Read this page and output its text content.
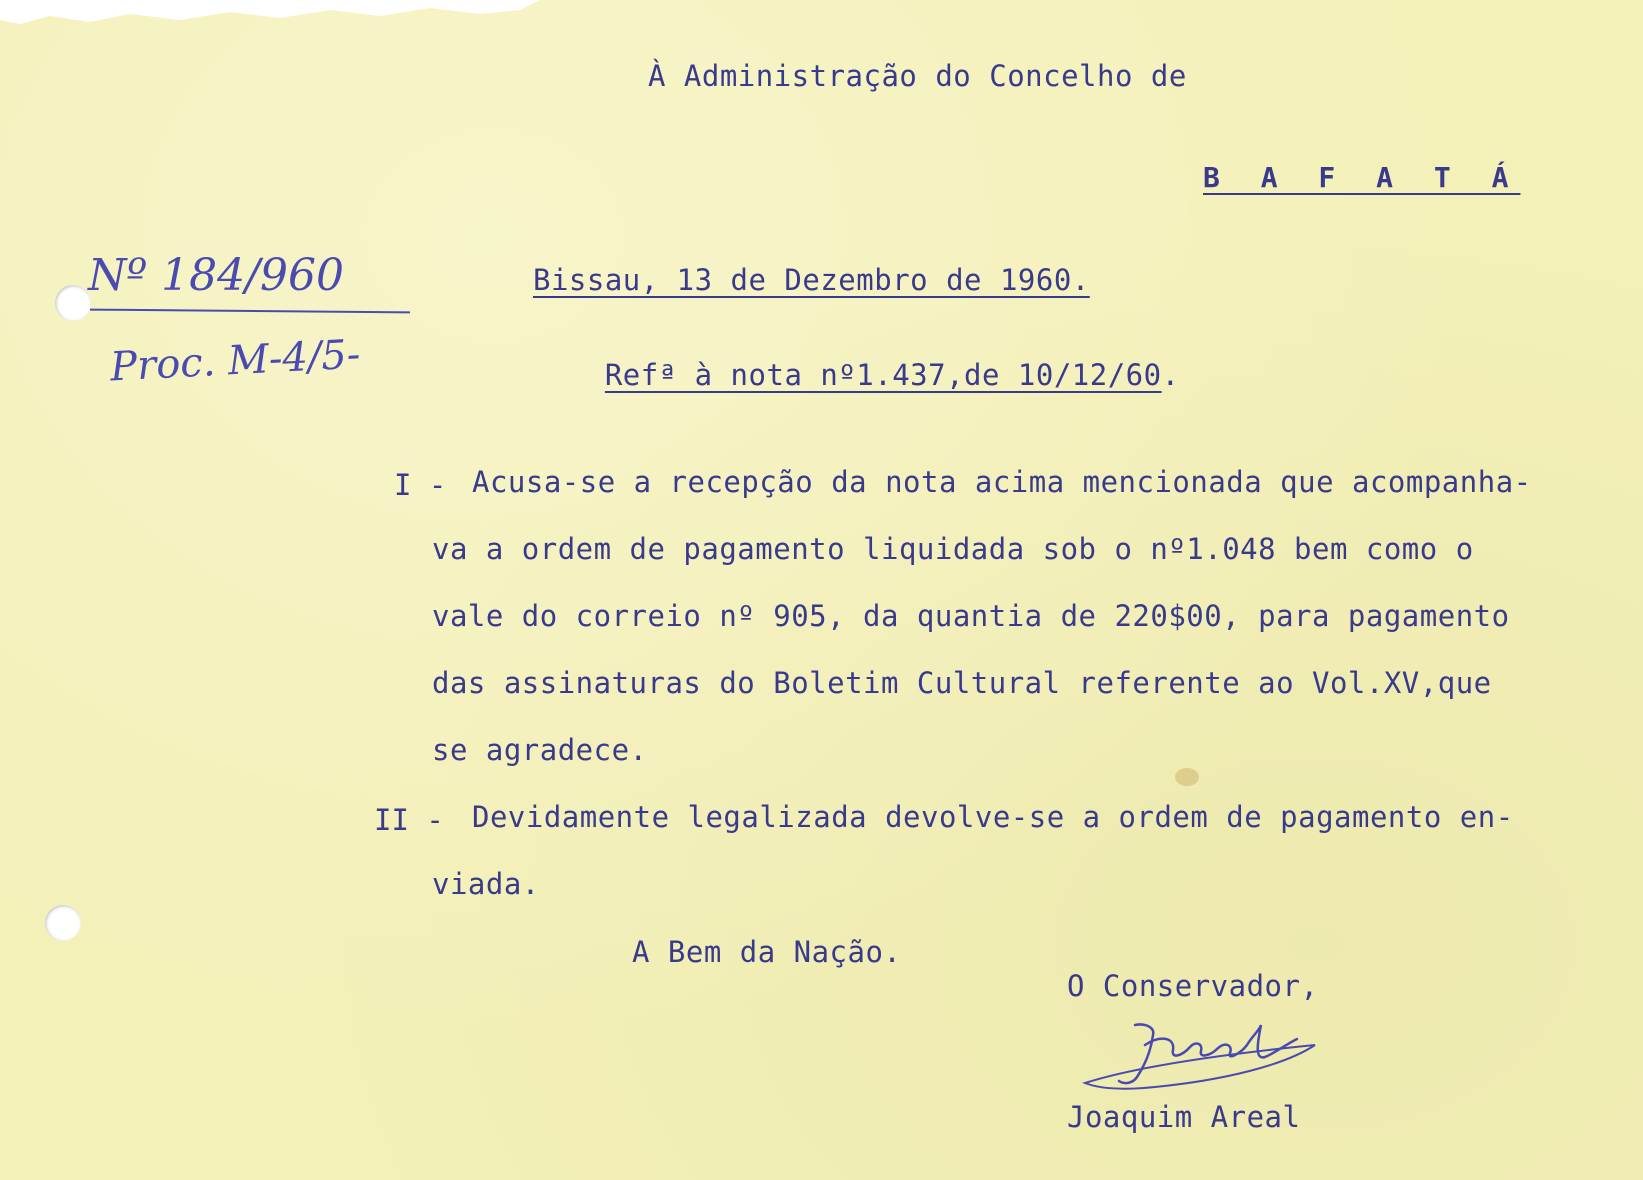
À Administração do Concelho de
B A F A T Á
Nº 184/960
Proc. M-4/5-
Bissau, 13 de Dezembro de 1960.

Refª à nota nº1.437,de 10/12/60.

I - Acusa-se a recepção da nota acima mencionada que acompanha-
va a ordem de pagamento liquidada sob o nº1.048 bem como o
vale do correio nº 905, da quantia de 220$00, para pagamento
das assinaturas do Boletim Cultural referente ao Vol.XV,que
se agradece.
II - Devidamente legalizada devolve-se a ordem de pagamento en-
viada.
A Bem da Nação.
O Conservador,
Joaquim Areal
